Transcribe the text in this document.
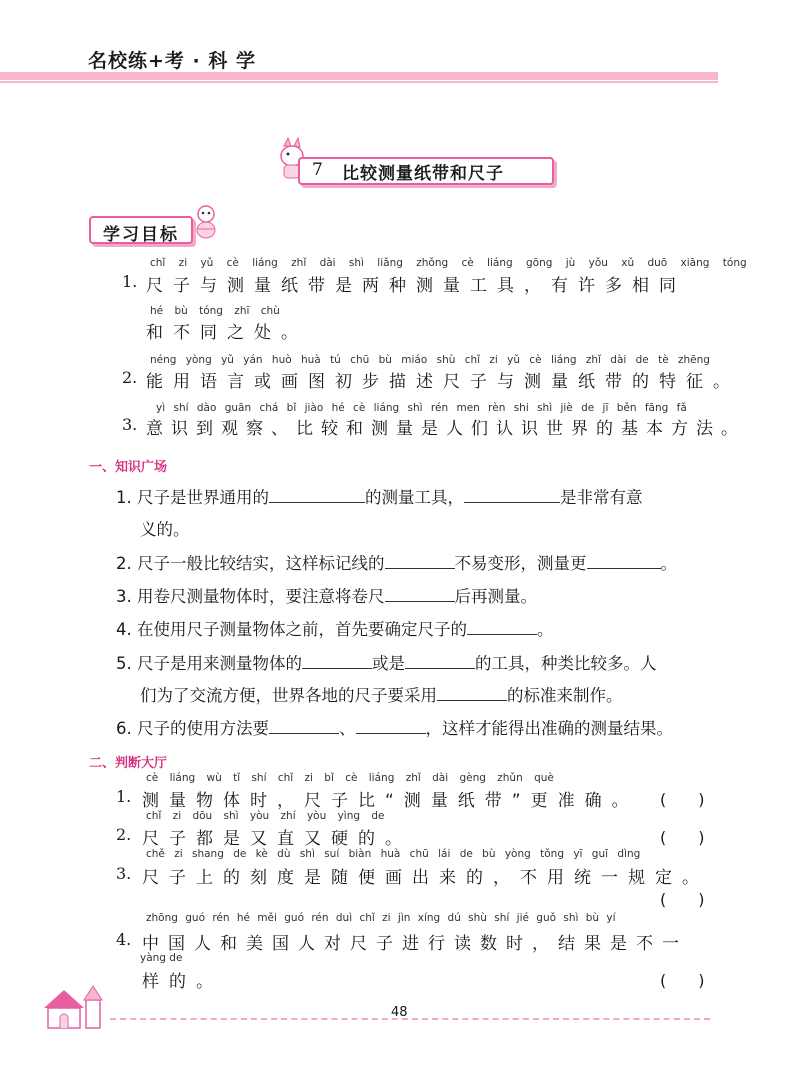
名校练+考 · 科 学
7 比较测量纸带和尺子
学习目标
chǐ zi yǔ cè liáng zhǐ dài shì liǎng zhǒng cè liáng gōng jù yǒu xǔ duō xiāng tóng
1. 尺子与测量纸带是两种测量工具，有许多相同
hé bù tóng zhī chù
和不同之处。
néng yòng yǔ yán huò huà tú chū bù miáo shù chǐ zi yǔ cè liáng zhǐ dài de tè zhēng
2. 能用语言或画图初步描述尺子与测量纸带的特征。
yì shí dào guān chá bǐ jiào hé cè liáng shì rén men rèn shi shì jiè de jī běn fāng fǎ
3. 意识到观察、比较和测量是人们认识世界的基本方法。
一、知识广场
1. 尺子是世界通用的	的测量工具，	是非常有意
义的。
2. 尺子一般比较结实，这样标记线的	不易变形，测量更	。
3. 用卷尺测量物体时，要注意将卷尺	后再测量。
4. 在使用尺子测量物体之前，首先要确定尺子的	。
5. 尺子是用来测量物体的	或是	的工具，种类比较多。人
们为了交流方便，世界各地的尺子要采用	的标准来制作。
6. 尺子的使用方法要	、	，这样才能得出准确的测量结果。
二、判断大厅
cè liáng wù tǐ shí chǐ zi bǐ cè liáng zhǐ dài gèng zhǔn què
1. 测量物体时，尺子比“测量纸带”更准确。 (　　)
chǐ zi dōu shì yòu zhí yòu yìng de
2. 尺子都是又直又硬的。	(　　)
chě zi shang de kè dù shì suí biàn huà chū lái de bù yòng tǒng yī guī dìng
3. 尺子上的刻度是随便画出来的，不用统一规定。
(　　)
zhōng guó rén hé měi guó rén duì chǐ zi jìn xíng dú shù shí jié guǒ shì bù yí
4. 中国人和美国人对尺子进行读数时，结果是不一
yàng de
样的。	(　　)
48
